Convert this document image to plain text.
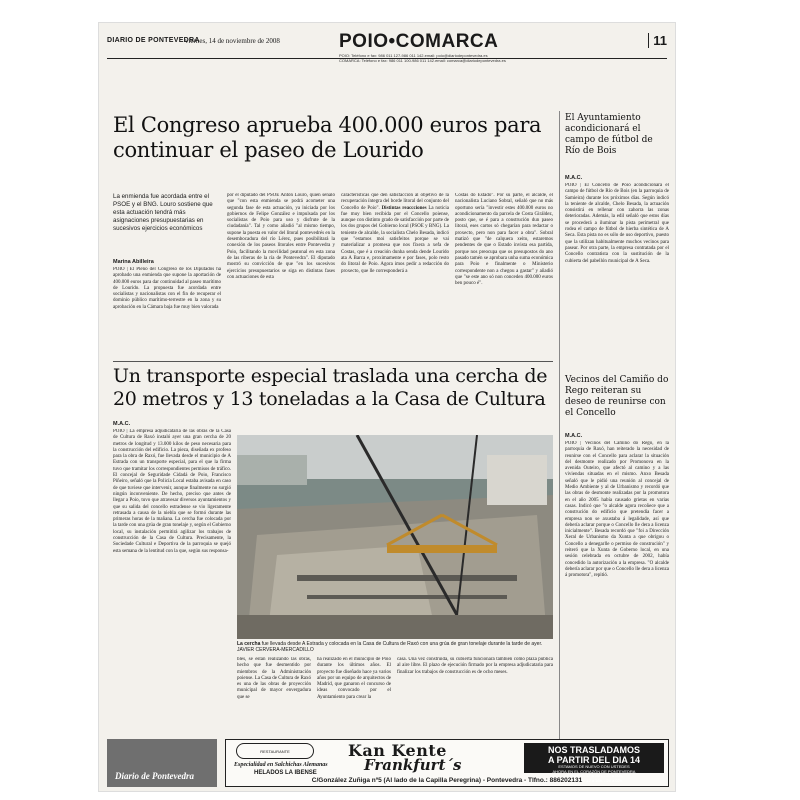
DIARIO DE PONTEVEDRA
viernes, 14 de noviembre de 2008	POIO•COMARCA
POIO: Teléfono e fax: 986 011 127-986 011 142.email: poio@diariodepontevedra.es
COMARCA: Teléfono e fax: 986 011 100-986 011 142.email: comarca@diariodepontevedra.es
11
El Congreso aprueba 400.000 euros para continuar el paseo de Lourido
La enmienda fue acordada entre el PSOE y el BNG. Louro sostiene que esta actuación tendrá más asignaciones presupuestarias en sucesivos ejercicios económicos
Marina Abilleira
POIO | El Pleno del Congreso de los Diputados ha aprobado una enmienda que supone la aportación de 400.000 euros para dar continuidad al paseo marítimo de Lourido. La propuesta fue acordada entre socialistas y nacionalistas con el fin de recuperar el dominio público marítimo-terrestre en la zona y su aprobación en la Cámara baja fue muy bien valorada
por el diputado del PSOE Antón Louro, quien señaló que "con esta enmienda se podrá acometer una segunda fase de esta actuación, ya iniciada por los gobiernos de Felipe González e impulsada por los socialistas de Poio para uso y disfrute de la ciudadanía". Tal y como añadió "al mismo tiempo, supone la puesta en valor del litoral pontevedrés en la desembocadura del río Lérez, pues posibilitará la conexión de los paseos litorales entre Pontevedra y Poio, facilitando la movilidad peatonal en esta zona de las riberas de la ría de Pontevedra". El diputado mostró su convicción de que "en los sucesivos ejercicios presupuestarios se siga en distintas fases con actuaciones de esta
características que den satisfacción al objetivo de la recuperación íntegra del borde litoral del conjunto del Concello de Poio". Distintas reaccciones La noticia fue muy bien recibida por el Concello poiense, aunque con distinto grado de satisfacción por parte de los dos grupos del Gobierno local (PSOE y BNG). La teniente de alcalde, la socialista Chelo Besada, indicó que "estamos moi satisfeitos porque se vai materializar a promesa que nos fixera a xefa de Costas, que é a creación dunha senda dende Lourido ata A Barca e, proximamente e por fases, polo resto do litoral de Poio. Agora imos pedir a redacción do proxecto, que lle corresponderá a
Costas do Estado". Por su parte, el alcalde, el nacionalista Luciano Sobral, señaló que no más oportuno sería "investir estes 400.000 euros no acondicionamento da parcela de Costa Giráldez, posto que, se é para a construción dun paseo litoral, eses cartos só chegarían para redactar o proxecto, pero non para facer a obra". Sobral matizó que "de calquera xeito, estaremos pendentes de que o Estado invista esa partida, porque nos preocupa que os presupostos do ano pasado tamén se aprobara unha suma económica para Poio e finalmente o Ministerio correspondente non a chegou a gastar" y añadió que "se este ano só non conceden 400.000 euros ben pouco é".
El Ayuntamiento acondicionará el campo de fútbol de Río de Bois
M.A.C.
POIO | El Concello de Poio acondicionará el campo de fútbol de Río de Bois (en la parroquia de Samieira) durante los próximos días. Según indicó la teniente de alcalde, Chelo Besada, la actuación consistirá en rellenar con zahorra las zonas deterioradas. Además, la edil señaló que estos días se procederá a iluminar la pista perimetral que rodea el campo de fútbol de hierba sintética de A Seca. Esta pista no es sólo de uso deportivo, puesto que la utilizan habitualmente muchos vecinos para pasear. Por otra parte, la empresa contratada por el Concello contratista con la sustitución de la cubierta del pabellón municipal de A Seca.
Vecinos del Camiño do Rego reiteran su deseo de reunirse con el Concello
M.A.C.
POIO | Vecinos del Camiño do Rego, en la parroquia de Raxó, han reiterado la necesidad de reunirse con el Concello para aclarar la situación del desmonte realizado por Promonova en la avenida Outeiro, que afectó al camino y a las viviendas situadas en el mismo. Anxo Besada señaló que le pidió una reunión al concejal de Medio Ambiente y al de Urbanismo y recordó que las obras de desmonte realizadas por la promotora en el año 2005 había causado grietas en varias casas. Indicó que "o alcalde agora recoñece que a construción do edificio que pretendía facer a empresa non se axustaba á legalidade, así que debería aclarar porque o Concello lle dera a licenza inicialmente". Besada recordó que "foi a Dirección Xeral de Urbanismo da Xunta a que obrigou o Concello a denegarlle o permiso de construción" y reiteró que la Xunta de Goberno local, en una sesión celebrada en octubre de 2002, había concedido la autorización a la empresa. "O alcalde debería aclarar por que o Concello lle dera a licenza á promotora", repitió.
Un transporte especial traslada una cercha de 20 metros y 13 toneladas a la Casa de Cultura
M.A.C.
POIO | La empresa adjudicataria de las obras de la Casa de Cultura de Raxó instaló ayer una gran cercha de 20 metros de longitud y 13.000 kilos de peso necesaria para la construcción del edificio. La pieza, diseñada ex profeso para la obra de Raxó, fue llevada desde el municipio de A Estrada con un transporte especial, para el que la firma tuvo que tramitar los correspondientes permisos de tráfico. El concejal de Seguridade Cidadá de Poio, Francisco Piñeiro, señaló que la Policía Local estaba avisada en caso de que tuviese que intervenir, aunque finalmente no surgió ningún inconveniente. De hecho, preciso que antes de llegar a Poio, tuvo que atravesar diversos ayuntamientos y que su salida del concello estradense se vio ligeramente retrasada a causa de la niebla que se formó durante las primeras horas de la mañana. La cercha fue colocada por la tarde con una grúa de gran tonelaje y, según el Gobierno local, su instalación permitirá agilizar los trabajos de construcción de la Casa de Cultura. Precisamente, la Sociedade Cultural e Deportiva de la parroquia se quejó esta semana de la lentitud con la que, según sus responsa-
La cercha fue llevada desde A Estrada y colocada en la Casa de Cultura de Raxó con una grúa de gran tonelaje durante la tarde de ayer. JAVIER CERVERA-MERCADILLO
bles, se están realizando las obras, hecho que fue desmentido por miembros de la Administración poiense. La Casa de Cultura de Raxó es una de las obras de proyección municipal de mayor envergadura que se
ha realizado en el municipio de Poio durante los últimos años. El proyecto fue diseñado hace ya varios años por un equipo de arquitectos de Madrid, que ganaron el concurso de ideas convocado por el Ayuntamiento para crear la
casa. Una vez construida, su cubierta funcionará también como plaza pública al aire libre. El plazo de ejecución firmado por la empresa adjudicataria para finalizar los trabajos de construcción es de ocho meses.
Diario de Pontevedra
RESTAURANTE
Especialidad en Salchichas Alemanas
HELADOS LA IBENSE
Kan Kente
Frankfurt´s
NOS TRASLADAMOS
A PARTIR DEL DIA 14
ESTAMOS DE NUEVO CON USTEDES
AHORA EN EL CORAZÓN DE PONTEVEDRA
HORARIO: 12 a 16h. - 20 a 00h.
Vie. y Sáb.: 12 a 16h. - 20 a 02h.
C/González Zuñiga nº5 (Al lado de la Capilla Peregrina) - Pontevedra - Tlfno.: 886202131
